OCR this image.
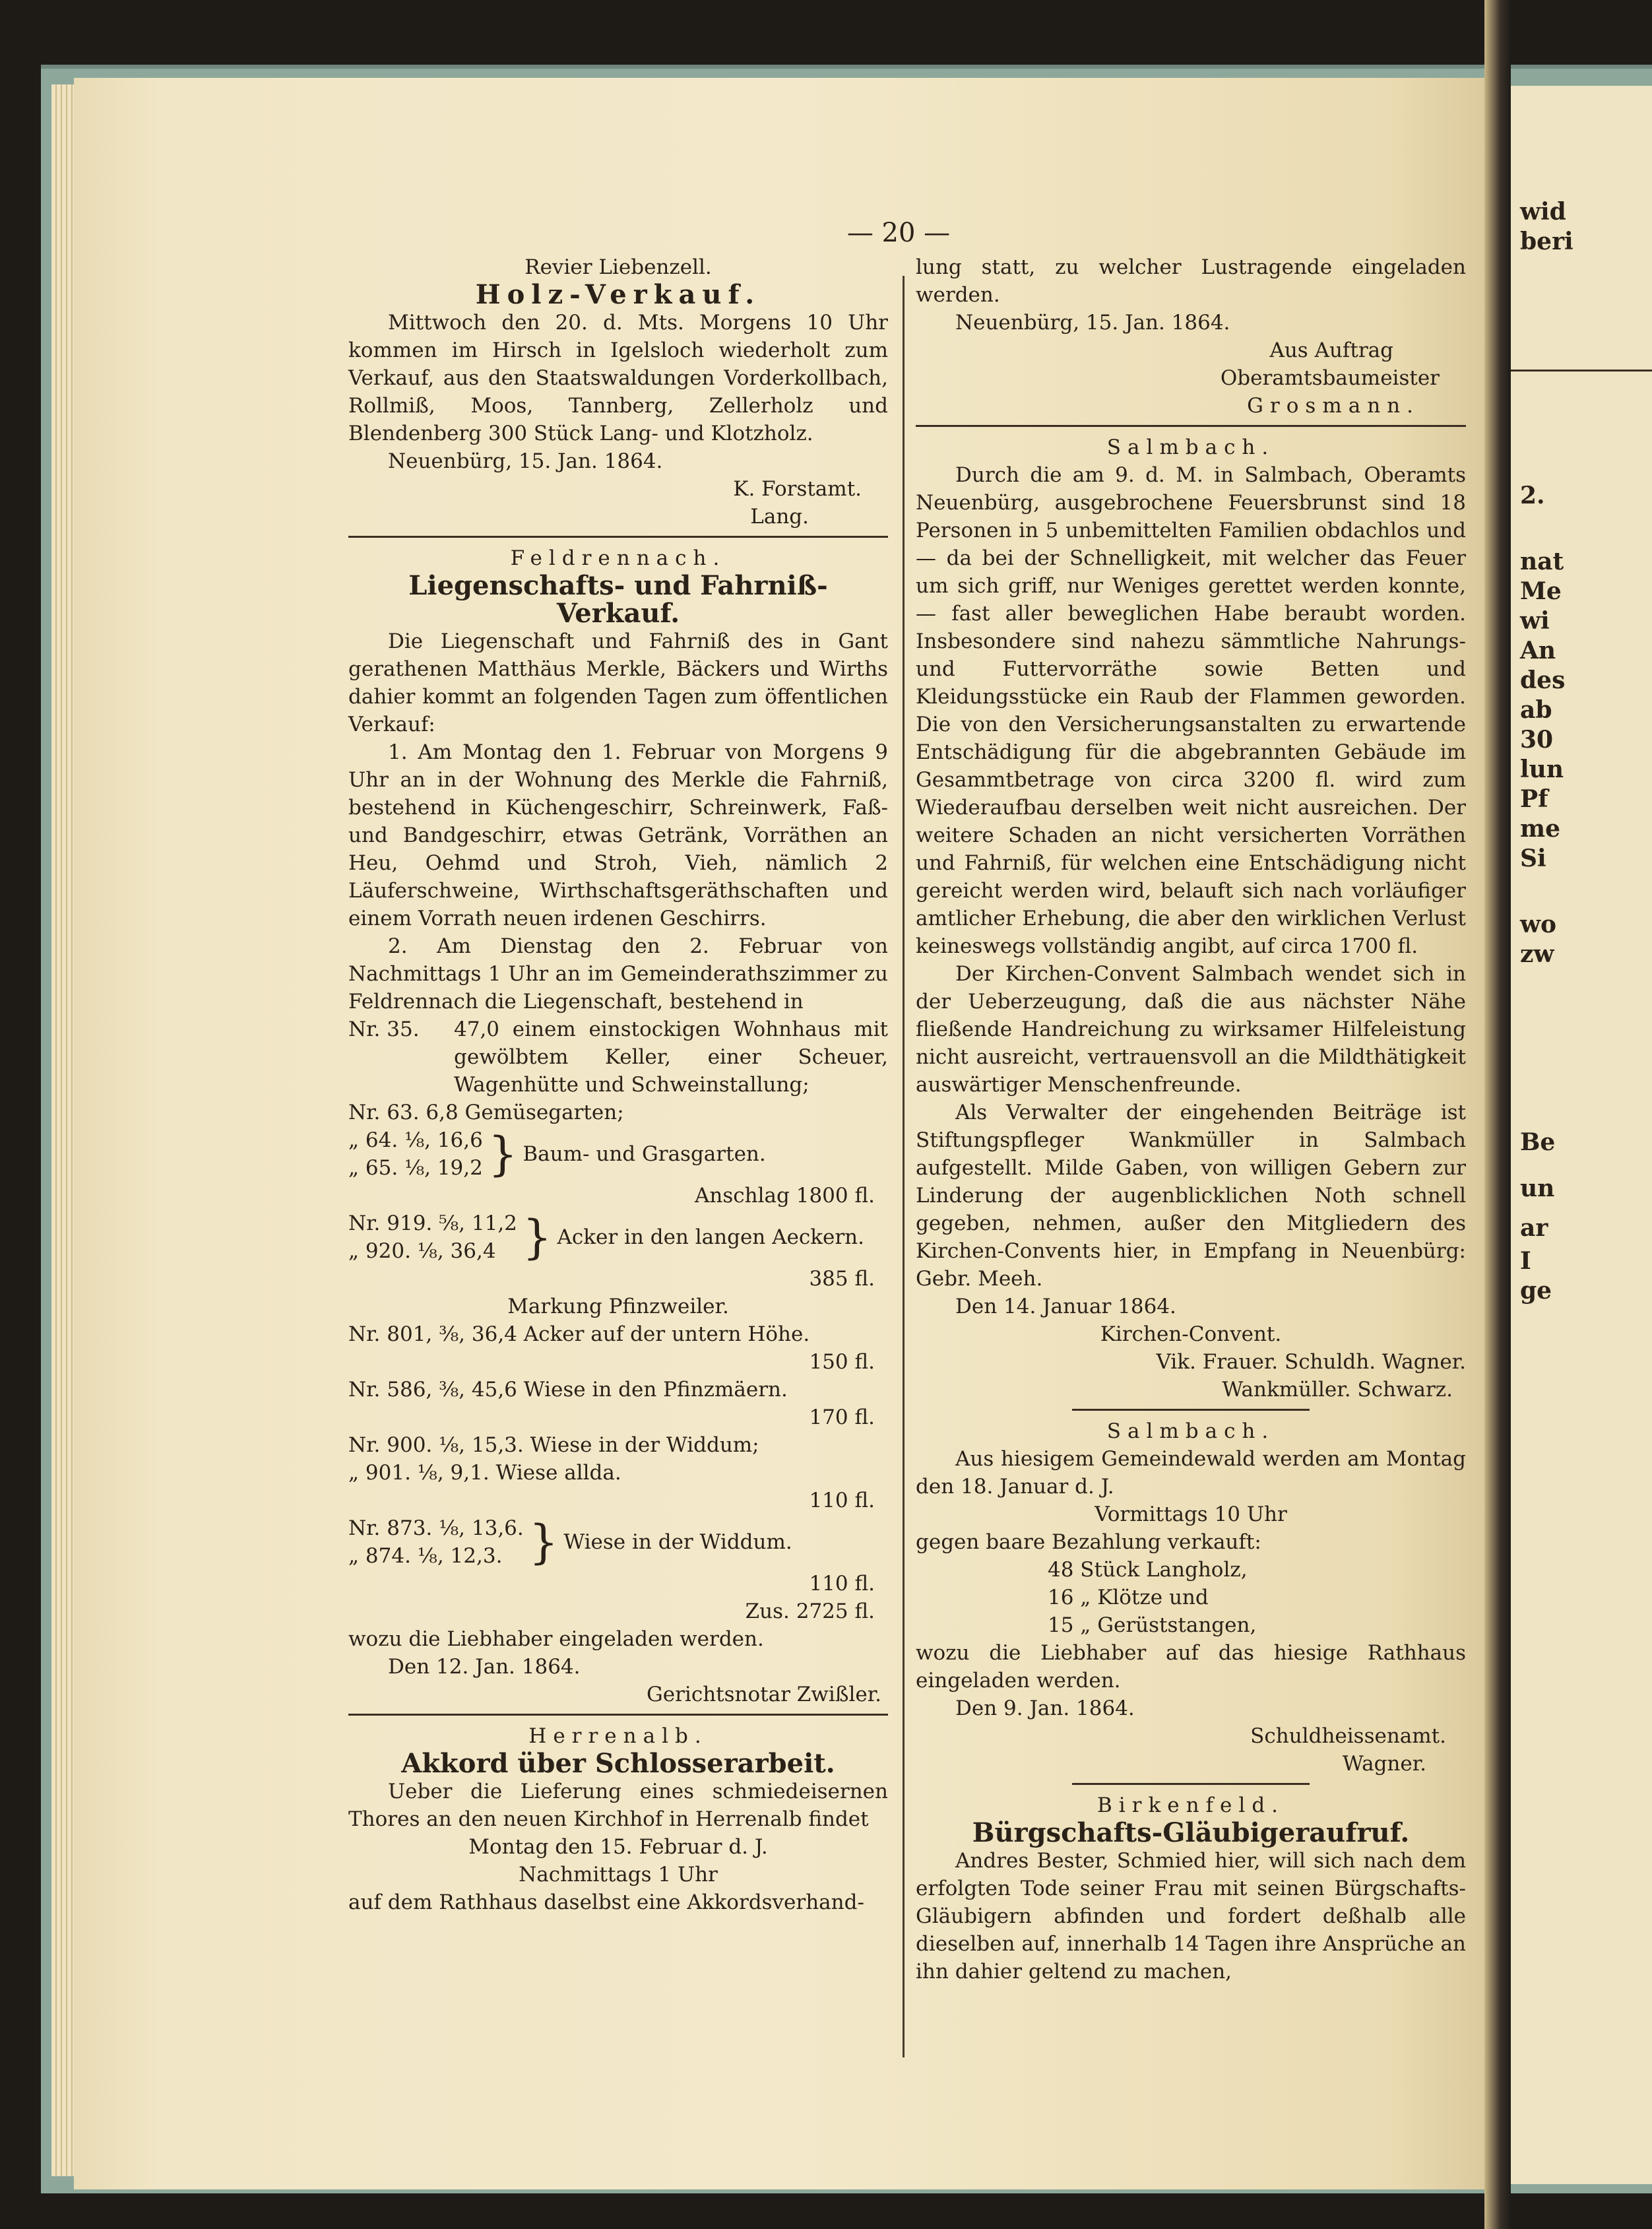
— 20 —

Revier Liebenzell.

Holz-Verkauf.

Mittwoch den 20. d. Mts. Morgens 10 Uhr kommen im Hirsch in Igelsloch wiederholt zum Verkauf, aus den Staatswaldungen Vorderkollbach, Rollmiß, Moos, Tannberg, Zellerholz und Blendenberg 300 Stück Lang- und Klotzholz.

Neuenbürg, 15. Jan. 1864.

K. Forstamt.

Lang.

Feldrennach.

Liegenschafts- und Fahrniß-Verkauf.

Die Liegenschaft und Fahrniß des in Gant gerathenen Matthäus Merkle, Bäckers und Wirths dahier kommt an folgenden Tagen zum öffentlichen Verkauf:

1. Am Montag den 1. Februar von Morgens 9 Uhr an in der Wohnung des Merkle die Fahrniß, bestehend in Küchengeschirr, Schreinwerk, Faß- und Bandgeschirr, etwas Getränk, Vorräthen an Heu, Oehmd und Stroh, Vieh, nämlich 2 Läuferschweine, Wirthschaftsgeräthschaften und einem Vorrath neuen irdenen Geschirrs.

2. Am Dienstag den 2. Februar von Nachmittags 1 Uhr an im Gemeinderathszimmer zu Feldrennach die Liegenschaft, bestehend in

Nr. 35.	47,0 einem einstockigen Wohnhaus mit gewölbtem Keller, einer Scheuer, Wagenhütte und Schweinstallung;

Nr. 63. 6,8 Gemüsegarten;

„ 64. ⅛, 16,6

„ 65. ⅛, 19,2 } Baum- und Grasgarten.

Anschlag 1800 fl.

Nr. 919. ⅝, 11,2

„ 920. ⅛, 36,4 } Acker in den langen Aeckern.

385 fl.

Markung Pfinzweiler.

Nr. 801, ⅜, 36,4 Acker auf der untern Höhe.

150 fl.

Nr. 586, ⅜, 45,6 Wiese in den Pfinzmäern.

170 fl.

Nr. 900. ⅛, 15,3. Wiese in der Widdum;

„ 901. ⅛, 9,1. Wiese allda.

110 fl.

Nr. 873. ⅛, 13,6.

„ 874. ⅛, 12,3. } Wiese in der Widdum.

110 fl.

Zus. 2725 fl.

wozu die Liebhaber eingeladen werden.

Den 12. Jan. 1864.

Gerichtsnotar Zwißler.

Herrenalb.

Akkord über Schlosserarbeit.

Ueber die Lieferung eines schmiedeisernen Thores an den neuen Kirchhof in Herrenalb findet

Montag den 15. Februar d. J.

Nachmittags 1 Uhr

auf dem Rathhaus daselbst eine Akkordsverhand-

lung statt, zu welcher Lustragende eingeladen werden.

Neuenbürg, 15. Jan. 1864.

Aus Auftrag

Oberamtsbaumeister

Grosmann.

Salmbach.

Durch die am 9. d. M. in Salmbach, Oberamts Neuenbürg, ausgebrochene Feuersbrunst sind 18 Personen in 5 unbemittelten Familien obdachlos und — da bei der Schnelligkeit, mit welcher das Feuer um sich griff, nur Weniges gerettet werden konnte, — fast aller beweglichen Habe beraubt worden. Insbesondere sind nahezu sämmtliche Nahrungs- und Futtervorräthe sowie Betten und Kleidungsstücke ein Raub der Flammen geworden. Die von den Versicherungsanstalten zu erwartende Entschädigung für die abgebrannten Gebäude im Gesammtbetrage von circa 3200 fl. wird zum Wiederaufbau derselben weit nicht ausreichen. Der weitere Schaden an nicht versicherten Vorräthen und Fahrniß, für welchen eine Entschädigung nicht gereicht werden wird, belauft sich nach vorläufiger amtlicher Erhebung, die aber den wirklichen Verlust keineswegs vollständig angibt, auf circa 1700 fl.

Der Kirchen-Convent Salmbach wendet sich in der Ueberzeugung, daß die aus nächster Nähe fließende Handreichung zu wirksamer Hilfeleistung nicht ausreicht, vertrauensvoll an die Mildthätigkeit auswärtiger Menschenfreunde.

Als Verwalter der eingehenden Beiträge ist Stiftungspfleger Wankmüller in Salmbach aufgestellt. Milde Gaben, von willigen Gebern zur Linderung der augenblicklichen Noth schnell gegeben, nehmen, außer den Mitgliedern des Kirchen-Convents hier, in Empfang in Neuenbürg: Gebr. Meeh.

Den 14. Januar 1864.

Kirchen-Convent.

Vik. Frauer. Schuldh. Wagner.

Wankmüller. Schwarz.

Salmbach.

Aus hiesigem Gemeindewald werden am Montag den 18. Januar d. J.

Vormittags 10 Uhr

gegen baare Bezahlung verkauft:

48 Stück Langholz,

16 „ Klötze und

15 „ Gerüststangen,

wozu die Liebhaber auf das hiesige Rathhaus eingeladen werden.

Den 9. Jan. 1864.

Schuldheissenamt.

Wagner.

Birkenfeld.

Bürgschafts-Gläubigeraufruf.

Andres Bester, Schmied hier, will sich nach dem erfolgten Tode seiner Frau mit seinen Bürgschafts-Gläubigern abfinden und fordert deßhalb alle dieselben auf, innerhalb 14 Tagen ihre Ansprüche an ihn dahier geltend zu machen,

wid
beri
2.
nat
Me
wi
An
des
ab
30
lun
Pf
me
Si
wo
zw
Be
un
ar
I
ge
